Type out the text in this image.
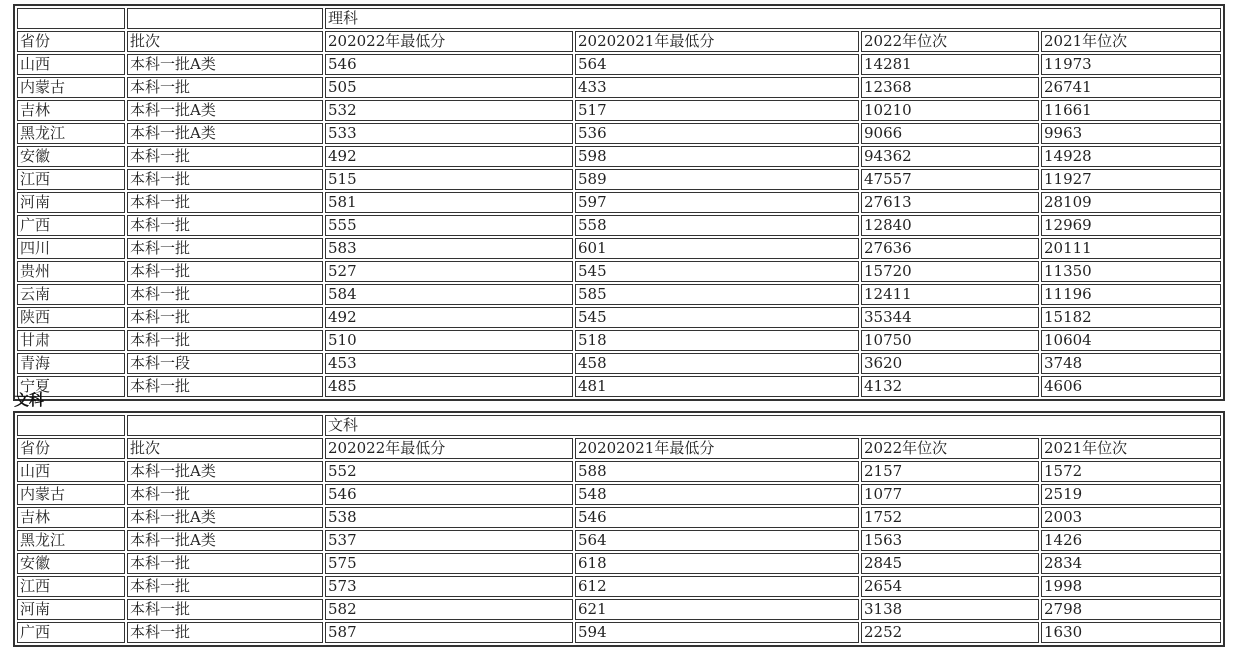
		理科			
省份	批次	202022年最低分	20202021年最低分	2022年位次	2021年位次
山西	本科一批A类	546	564	14281	11973
内蒙古	本科一批	505	433	12368	26741
吉林	本科一批A类	532	517	10210	11661
黑龙江	本科一批A类	533	536	9066	9963
安徽	本科一批	492	598	94362	14928
江西	本科一批	515	589	47557	11927
河南	本科一批	581	597	27613	28109
广西	本科一批	555	558	12840	12969
四川	本科一批	583	601	27636	20111
贵州	本科一批	527	545	15720	11350
云南	本科一批	584	585	12411	11196
陕西	本科一批	492	545	35344	15182
甘肃	本科一批	510	518	10750	10604
青海	本科一段	453	458	3620	3748
宁夏	本科一批	485	481	4132	4606
文科
		文科			
省份	批次	202022年最低分	20202021年最低分	2022年位次	2021年位次
山西	本科一批A类	552	588	2157	1572
内蒙古	本科一批	546	548	1077	2519
吉林	本科一批A类	538	546	1752	2003
黑龙江	本科一批A类	537	564	1563	1426
安徽	本科一批	575	618	2845	2834
江西	本科一批	573	612	2654	1998
河南	本科一批	582	621	3138	2798
广西	本科一批	587	594	2252	1630
